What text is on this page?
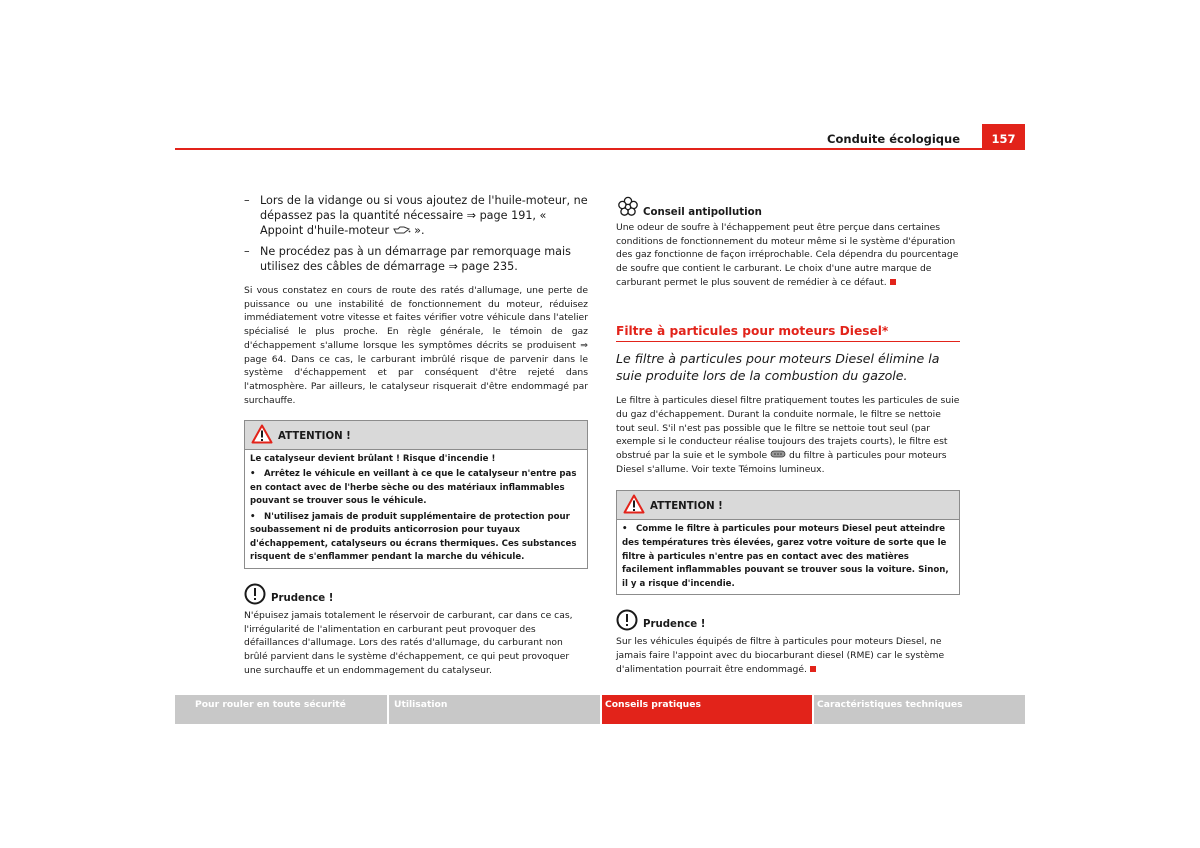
Conduite écologique	157
– Lors de la vidange ou si vous ajoutez de l'huile-moteur, ne dépassez pas la quantité nécessaire ⇒ page 191, « Appoint d'huile-moteur  ».
– Ne procédez pas à un démarrage par remorquage mais utilisez des câbles de démarrage ⇒ page 235.

Si vous constatez en cours de route des ratés d'allumage, une perte de puissance ou une instabilité de fonctionnement du moteur, réduisez immédiatement votre vitesse et faites vérifier votre véhicule dans l'atelier spécialisé le plus proche. En règle générale, le témoin de gaz d'échappement s'allume lorsque les symptômes décrits se produisent ⇒ page 64. Dans ce cas, le carburant imbrûlé risque de parvenir dans le système d'échappement et par conséquent d'être rejeté dans l'atmosphère. Par ailleurs, le catalyseur risquerait d'être endommagé par surchauffe.

ATTENTION !

Le catalyseur devient brûlant ! Risque d'incendie !

• Arrêtez le véhicule en veillant à ce que le catalyseur n'entre pas en contact avec de l'herbe sèche ou des matériaux inflammables pouvant se trouver sous le véhicule.

• N'utilisez jamais de produit supplémentaire de protection pour soubassement ni de produits anticorrosion pour tuyaux d'échappement, catalyseurs ou écrans thermiques. Ces substances risquent de s'enflammer pendant la marche du véhicule.

Prudence !

N'épuisez jamais totalement le réservoir de carburant, car dans ce cas, l'irrégularité de l'alimentation en carburant peut provoquer des défaillances d'allumage. Lors des ratés d'allumage, du carburant non brûlé parvient dans le système d'échappement, ce qui peut provoquer une surchauffe et un endommagement du catalyseur.

Conseil antipollution

Une odeur de soufre à l'échappement peut être perçue dans certaines conditions de fonctionnement du moteur même si le système d'épuration des gaz fonctionne de façon irréprochable. Cela dépendra du pourcentage de soufre que contient le carburant. Le choix d'une autre marque de carburant permet le plus souvent de remédier à ce défaut.

Filtre à particules pour moteurs Diesel*
Le filtre à particules pour moteurs Diesel élimine la suie produite lors de la combustion du gazole.

Le filtre à particules diesel filtre pratiquement toutes les particules de suie du gaz d'échappement. Durant la conduite normale, le filtre se nettoie tout seul. S'il n'est pas possible que le filtre se nettoie tout seul (par exemple si le conducteur réalise toujours des trajets courts), le filtre est obstrué par la suie et le symbole du filtre à particules pour moteurs Diesel s'allume. Voir texte Témoins lumineux.

ATTENTION !

• Comme le filtre à particules pour moteurs Diesel peut atteindre des températures très élevées, garez votre voiture de sorte que le filtre à particules n'entre pas en contact avec des matières facilement inflammables pouvant se trouver sous la voiture. Sinon, il y a risque d'incendie.

Prudence !

Sur les véhicules équipés de filtre à particules pour moteurs Diesel, ne jamais faire l'appoint avec du biocarburant diesel (RME) car le système d'alimentation pourrait être endommagé.

Pour rouler en toute sécurité	Utilisation	Conseils pratiques	Caractéristiques techniques
